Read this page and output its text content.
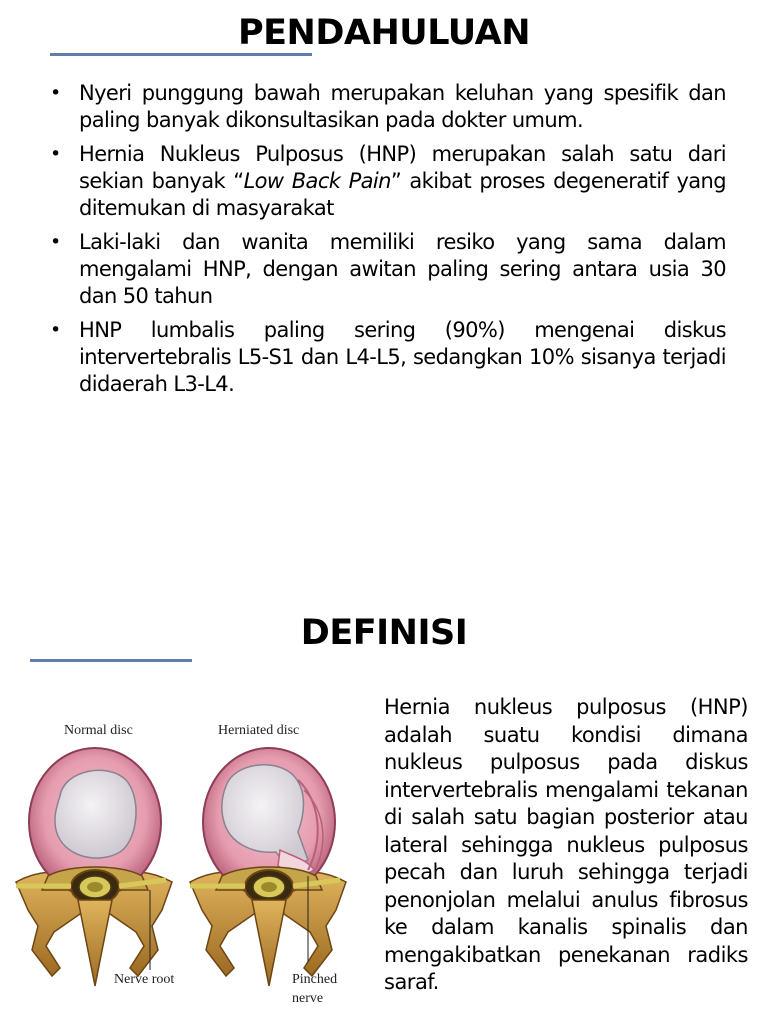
PENDAHULUAN
• Nyeri punggung bawah merupakan keluhan yang spesifik dan paling banyak dikonsultasikan pada dokter umum.
• Hernia Nukleus Pulposus (HNP) merupakan salah satu dari sekian banyak “Low Back Pain” akibat proses degeneratif yang ditemukan di masyarakat
• Laki-laki dan wanita memiliki resiko yang sama dalam mengalami HNP, dengan awitan paling sering antara usia 30 dan 50 tahun
• HNP lumbalis paling sering (90%) mengenai diskus intervertebralis L5-S1 dan L4-L5, sedangkan 10% sisanya terjadi didaerah L3-L4.
DEFINISI
Normal disc	Herniated disc
Nerve root	Pinched
nerve
Hernia nukleus pulposus (HNP) adalah suatu kondisi dimana nukleus pulposus pada diskus intervertebralis mengalami tekanan di salah satu bagian posterior atau lateral sehingga nukleus pulposus pecah dan luruh sehingga terjadi penonjolan melalui anulus fibrosus ke dalam kanalis spinalis dan mengakibatkan penekanan radiks saraf.
